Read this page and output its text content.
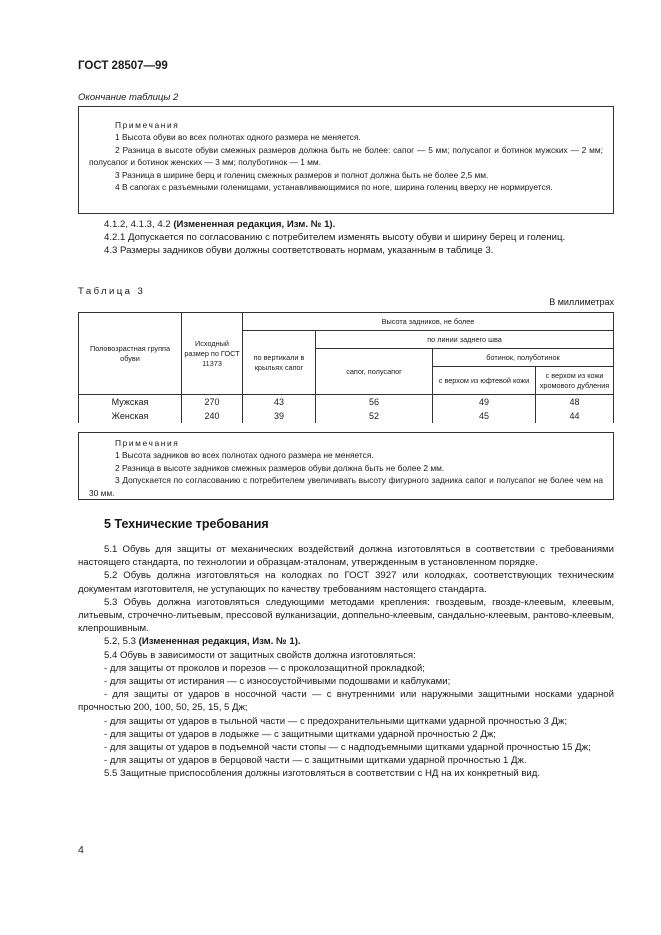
ГОСТ 28507—99
Окончание таблицы 2

Примечания

1 Высота обуви во всех полнотах одного размера не меняется.

2 Разница в высоте обуви смежных размеров должна быть не более: сапог — 5 мм; полусапог и ботинок мужских — 2 мм; полусапог и ботинок женских — 3 мм; полуботинок — 1 мм.

3 Разница в ширине берц и голениц смежных размеров и полнот должна быть не более 2,5 мм.

4 В сапогах с разъемными голенищами, устанавливающимися по ноге, ширина голениц вверху не нормируется.

4.1.2, 4.1.3, 4.2 (Измененная редакция, Изм. № 1).

4.2.1 Допускается по согласованию с потребителем изменять высоту обуви и ширину берец и голениц.

4.3 Размеры задников обуви должны соответствовать нормам, указанным в таблице 3.

Таблица 3
В миллиметрах
Половозрастная группа обуви	Исходный размер по ГОСТ 11373	Высота задников, не более			
		по вертикали в крыльях сапог	по линии заднего шва		
			сапог, полусапог	ботинок, полуботинок	
				с верхом из юфтевой кожи	с верхом из кожи хромового дубления
Мужская	270	43	56	49	48
Женская	240	39	52	45	44

Примечания

1 Высота задников во всех полнотах одного размера не меняется.

2 Разница в высоте задников смежных размеров обуви должна быть не более 2 мм.

3 Допускается по согласованию с потребителем увеличивать высоту фигурного задника сапог и полусапог не более чем на 30 мм.

5 Технические требования

5.1 Обувь для защиты от механических воздействий должна изготовляться в соответствии с требованиями настоящего стандарта, по технологии и образцам-эталонам, утвержденным в установленном порядке.

5.2 Обувь должна изготовляться на колодках по ГОСТ 3927 или колодках, соответствующих техническим документам изготовителя, не уступающих по качеству требованиям настоящего стандарта.

5.3 Обувь должна изготовляться следующими методами крепления: гвоздевым, гвозде-клеевым, клеевым, литьевым, строчечно-литьевым, прессовой вулканизации, доппельно-клеевым, сандально-клеевым, рантово-клеевым, клепрошивным.

5.2, 5.3 (Измененная редакция, Изм. № 1).

5.4 Обувь в зависимости от защитных свойств должна изготовляться:

- для защиты от проколов и порезов — с проколозащитной прокладкой;

- для защиты от истирания — с износоустойчивыми подошвами и каблуками;

- для защиты от ударов в носочной части — с внутренними или наружными защитными носками ударной прочностью 200, 100, 50, 25, 15, 5 Дж;

- для защиты от ударов в тыльной части — с предохранительными щитками ударной прочностью 3 Дж;

- для защиты от ударов в лодыжке — с защитными щитками ударной прочностью 2 Дж;

- для защиты от ударов в подъемной части стопы — с надподъемными щитками ударной прочностью 15 Дж;

- для защиты от ударов в берцовой части — с защитными щитками ударной прочностью 1 Дж.

5.5 Защитные приспособления должны изготовляться в соответствии с НД на их конкретный вид.

4
